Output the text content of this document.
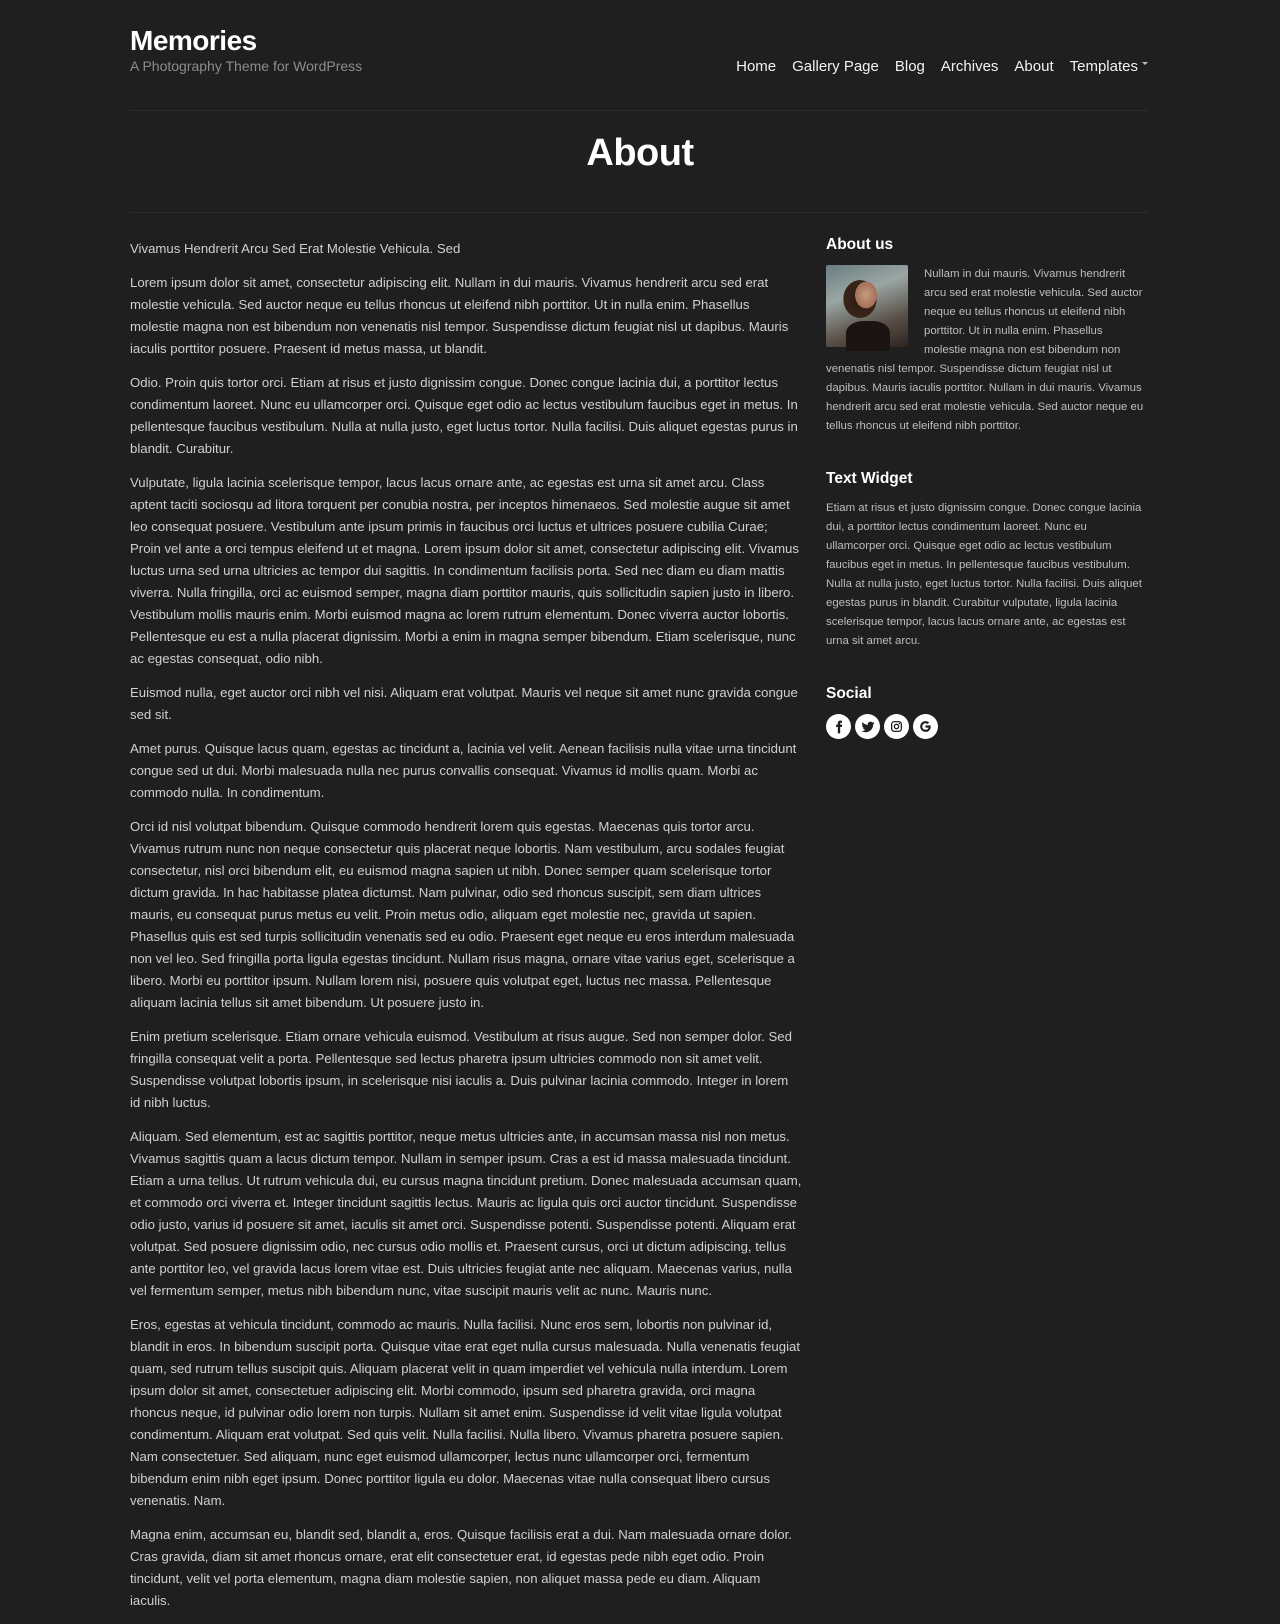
Memories
A Photography Theme for WordPress	Home Gallery Page Blog Archives About Templates
About

Vivamus Hendrerit Arcu Sed Erat Molestie Vehicula. Sed

Lorem ipsum dolor sit amet, consectetur adipiscing elit. Nullam in dui mauris. Vivamus hendrerit arcu sed erat molestie vehicula. Sed auctor neque eu tellus rhoncus ut eleifend nibh porttitor. Ut in nulla enim. Phasellus molestie magna non est bibendum non venenatis nisl tempor. Suspendisse dictum feugiat nisl ut dapibus. Mauris iaculis porttitor posuere. Praesent id metus massa, ut blandit.

Odio. Proin quis tortor orci. Etiam at risus et justo dignissim congue. Donec congue lacinia dui, a porttitor lectus condimentum laoreet. Nunc eu ullamcorper orci. Quisque eget odio ac lectus vestibulum faucibus eget in metus. In pellentesque faucibus vestibulum. Nulla at nulla justo, eget luctus tortor. Nulla facilisi. Duis aliquet egestas purus in blandit. Curabitur.

Vulputate, ligula lacinia scelerisque tempor, lacus lacus ornare ante, ac egestas est urna sit amet arcu. Class aptent taciti sociosqu ad litora torquent per conubia nostra, per inceptos himenaeos. Sed molestie augue sit amet leo consequat posuere. Vestibulum ante ipsum primis in faucibus orci luctus et ultrices posuere cubilia Curae; Proin vel ante a orci tempus eleifend ut et magna. Lorem ipsum dolor sit amet, consectetur adipiscing elit. Vivamus luctus urna sed urna ultricies ac tempor dui sagittis. In condimentum facilisis porta. Sed nec diam eu diam mattis viverra. Nulla fringilla, orci ac euismod semper, magna diam porttitor mauris, quis sollicitudin sapien justo in libero. Vestibulum mollis mauris enim. Morbi euismod magna ac lorem rutrum elementum. Donec viverra auctor lobortis. Pellentesque eu est a nulla placerat dignissim. Morbi a enim in magna semper bibendum. Etiam scelerisque, nunc ac egestas consequat, odio nibh.

Euismod nulla, eget auctor orci nibh vel nisi. Aliquam erat volutpat. Mauris vel neque sit amet nunc gravida congue sed sit.

Amet purus. Quisque lacus quam, egestas ac tincidunt a, lacinia vel velit. Aenean facilisis nulla vitae urna tincidunt congue sed ut dui. Morbi malesuada nulla nec purus convallis consequat. Vivamus id mollis quam. Morbi ac commodo nulla. In condimentum.

Orci id nisl volutpat bibendum. Quisque commodo hendrerit lorem quis egestas. Maecenas quis tortor arcu. Vivamus rutrum nunc non neque consectetur quis placerat neque lobortis. Nam vestibulum, arcu sodales feugiat consectetur, nisl orci bibendum elit, eu euismod magna sapien ut nibh. Donec semper quam scelerisque tortor dictum gravida. In hac habitasse platea dictumst. Nam pulvinar, odio sed rhoncus suscipit, sem diam ultrices mauris, eu consequat purus metus eu velit. Proin metus odio, aliquam eget molestie nec, gravida ut sapien. Phasellus quis est sed turpis sollicitudin venenatis sed eu odio. Praesent eget neque eu eros interdum malesuada non vel leo. Sed fringilla porta ligula egestas tincidunt. Nullam risus magna, ornare vitae varius eget, scelerisque a libero. Morbi eu porttitor ipsum. Nullam lorem nisi, posuere quis volutpat eget, luctus nec massa. Pellentesque aliquam lacinia tellus sit amet bibendum. Ut posuere justo in.

Enim pretium scelerisque. Etiam ornare vehicula euismod. Vestibulum at risus augue. Sed non semper dolor. Sed fringilla consequat velit a porta. Pellentesque sed lectus pharetra ipsum ultricies commodo non sit amet velit. Suspendisse volutpat lobortis ipsum, in scelerisque nisi iaculis a. Duis pulvinar lacinia commodo. Integer in lorem id nibh luctus.

Aliquam. Sed elementum, est ac sagittis porttitor, neque metus ultricies ante, in accumsan massa nisl non metus. Vivamus sagittis quam a lacus dictum tempor. Nullam in semper ipsum. Cras a est id massa malesuada tincidunt. Etiam a urna tellus. Ut rutrum vehicula dui, eu cursus magna tincidunt pretium. Donec malesuada accumsan quam, et commodo orci viverra et. Integer tincidunt sagittis lectus. Mauris ac ligula quis orci auctor tincidunt. Suspendisse odio justo, varius id posuere sit amet, iaculis sit amet orci. Suspendisse potenti. Suspendisse potenti. Aliquam erat volutpat. Sed posuere dignissim odio, nec cursus odio mollis et. Praesent cursus, orci ut dictum adipiscing, tellus ante porttitor leo, vel gravida lacus lorem vitae est. Duis ultricies feugiat ante nec aliquam. Maecenas varius, nulla vel fermentum semper, metus nibh bibendum nunc, vitae suscipit mauris velit ac nunc. Mauris nunc.

Eros, egestas at vehicula tincidunt, commodo ac mauris. Nulla facilisi. Nunc eros sem, lobortis non pulvinar id, blandit in eros. In bibendum suscipit porta. Quisque vitae erat eget nulla cursus malesuada. Nulla venenatis feugiat quam, sed rutrum tellus suscipit quis. Aliquam placerat velit in quam imperdiet vel vehicula nulla interdum. Lorem ipsum dolor sit amet, consectetuer adipiscing elit. Morbi commodo, ipsum sed pharetra gravida, orci magna rhoncus neque, id pulvinar odio lorem non turpis. Nullam sit amet enim. Suspendisse id velit vitae ligula volutpat condimentum. Aliquam erat volutpat. Sed quis velit. Nulla facilisi. Nulla libero. Vivamus pharetra posuere sapien. Nam consectetuer. Sed aliquam, nunc eget euismod ullamcorper, lectus nunc ullamcorper orci, fermentum bibendum enim nibh eget ipsum. Donec porttitor ligula eu dolor. Maecenas vitae nulla consequat libero cursus venenatis. Nam.

Magna enim, accumsan eu, blandit sed, blandit a, eros. Quisque facilisis erat a dui. Nam malesuada ornare dolor. Cras gravida, diam sit amet rhoncus ornare, erat elit consectetuer erat, id egestas pede nibh eget odio. Proin tincidunt, velit vel porta elementum, magna diam molestie sapien, non aliquet massa pede eu diam. Aliquam iaculis.

About us
Nullam in dui mauris. Vivamus hendrerit arcu sed erat molestie vehicula. Sed auctor neque eu tellus rhoncus ut eleifend nibh porttitor. Ut in nulla enim. Phasellus molestie magna non est bibendum non venenatis nisl tempor. Suspendisse dictum feugiat nisl ut dapibus. Mauris iaculis porttitor. Nullam in dui mauris. Vivamus hendrerit arcu sed erat molestie vehicula. Sed auctor neque eu tellus rhoncus ut eleifend nibh porttitor.
Text Widget
Etiam at risus et justo dignissim congue. Donec congue lacinia dui, a porttitor lectus condimentum laoreet. Nunc eu ullamcorper orci. Quisque eget odio ac lectus vestibulum faucibus eget in metus. In pellentesque faucibus vestibulum. Nulla at nulla justo, eget luctus tortor. Nulla facilisi. Duis aliquet egestas purus in blandit. Curabitur vulputate, ligula lacinia scelerisque tempor, lacus lacus ornare ante, ac egestas est urna sit amet arcu.
Social
